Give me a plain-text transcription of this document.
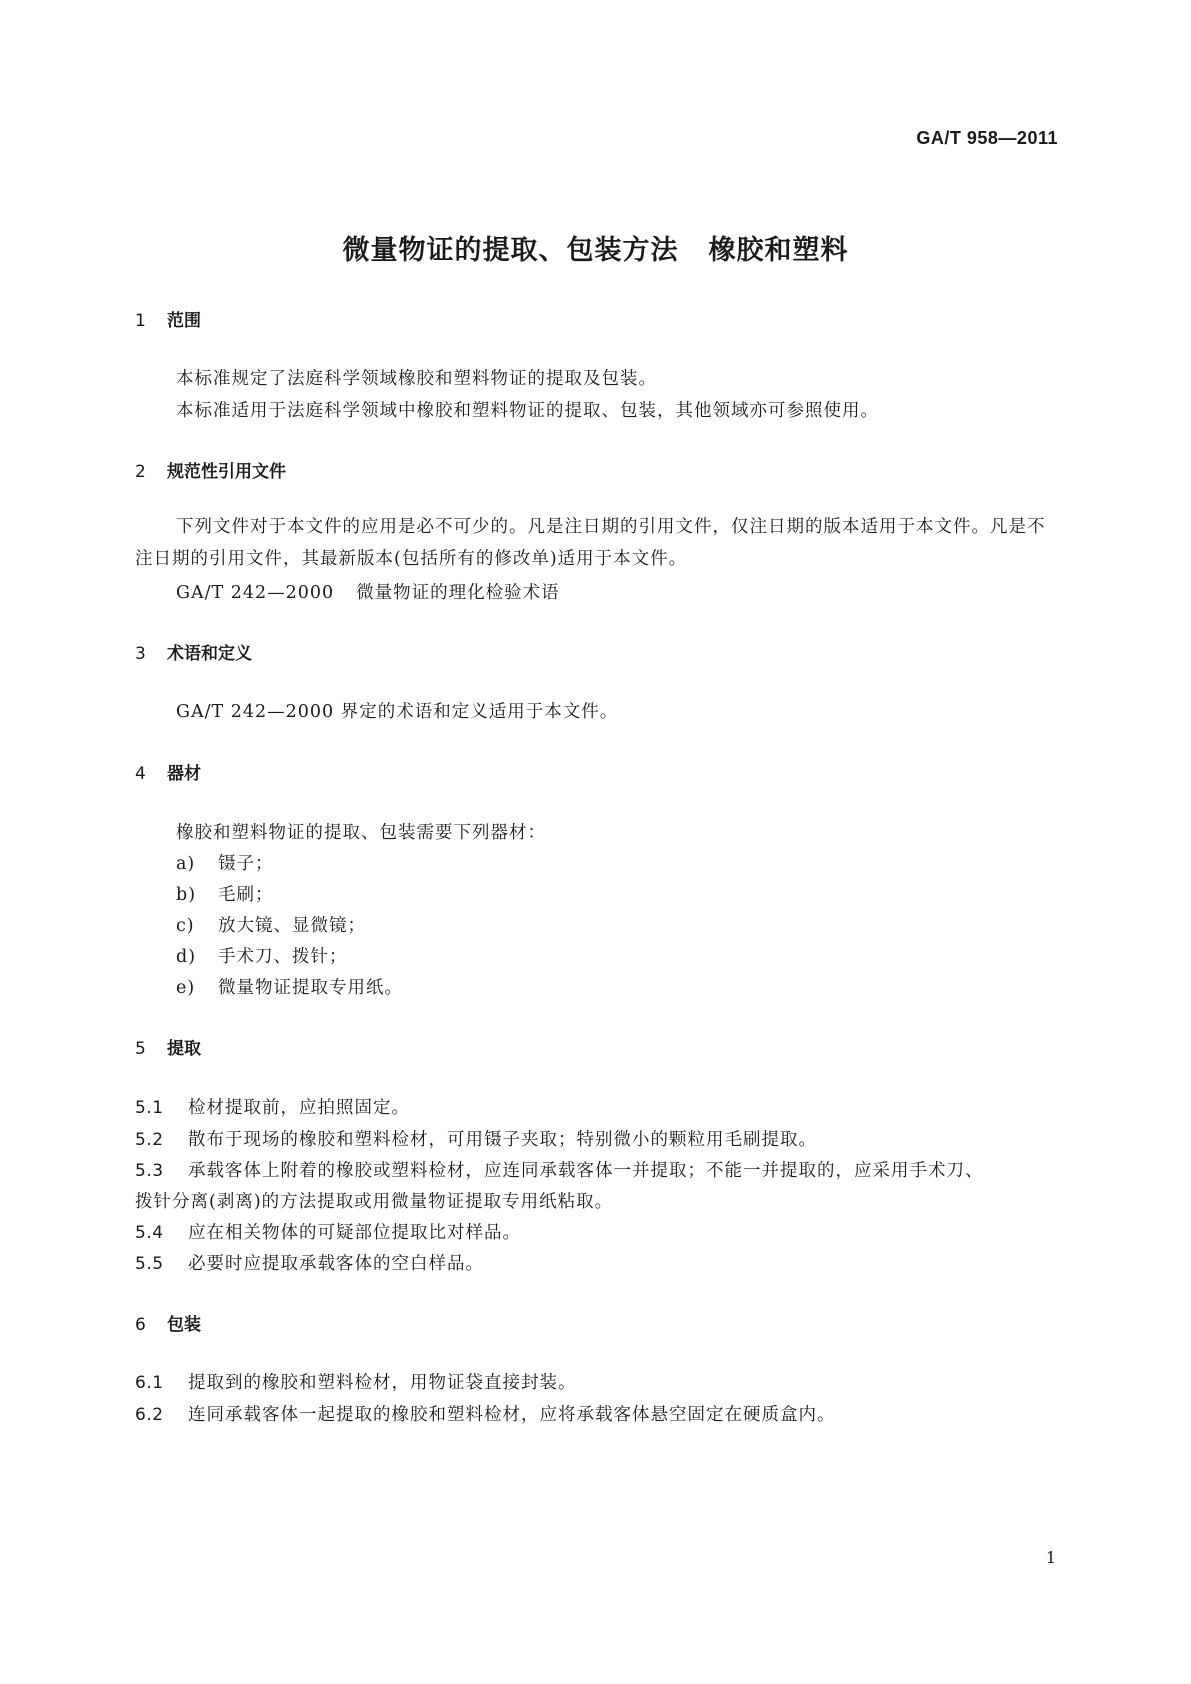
GA/T 958—2011
微量物证的提取、包装方法 橡胶和塑料
1 范围
本标准规定了法庭科学领域橡胶和塑料物证的提取及包装。
本标准适用于法庭科学领域中橡胶和塑料物证的提取、包装，其他领域亦可参照使用。
2 规范性引用文件
下列文件对于本文件的应用是必不可少的。凡是注日期的引用文件，仅注日期的版本适用于本文件。凡是不注日期的引用文件，其最新版本(包括所有的修改单)适用于本文件。
GA/T 242—2000 微量物证的理化检验术语
3 术语和定义
GA/T 242—2000 界定的术语和定义适用于本文件。
4 器材
橡胶和塑料物证的提取、包装需要下列器材：
a) 镊子；
b) 毛刷；
c) 放大镜、显微镜；
d) 手术刀、拨针；
e) 微量物证提取专用纸。
5 提取
5.1 检材提取前，应拍照固定。
5.2 散布于现场的橡胶和塑料检材，可用镊子夹取；特别微小的颗粒用毛刷提取。
5.3 承载客体上附着的橡胶或塑料检材，应连同承载客体一并提取；不能一并提取的，应采用手术刀、
拨针分离(剥离)的方法提取或用微量物证提取专用纸粘取。
5.4 应在相关物体的可疑部位提取比对样品。
5.5 必要时应提取承载客体的空白样品。
6 包装
6.1 提取到的橡胶和塑料检材，用物证袋直接封装。
6.2 连同承载客体一起提取的橡胶和塑料检材，应将承载客体悬空固定在硬质盒内。
1
